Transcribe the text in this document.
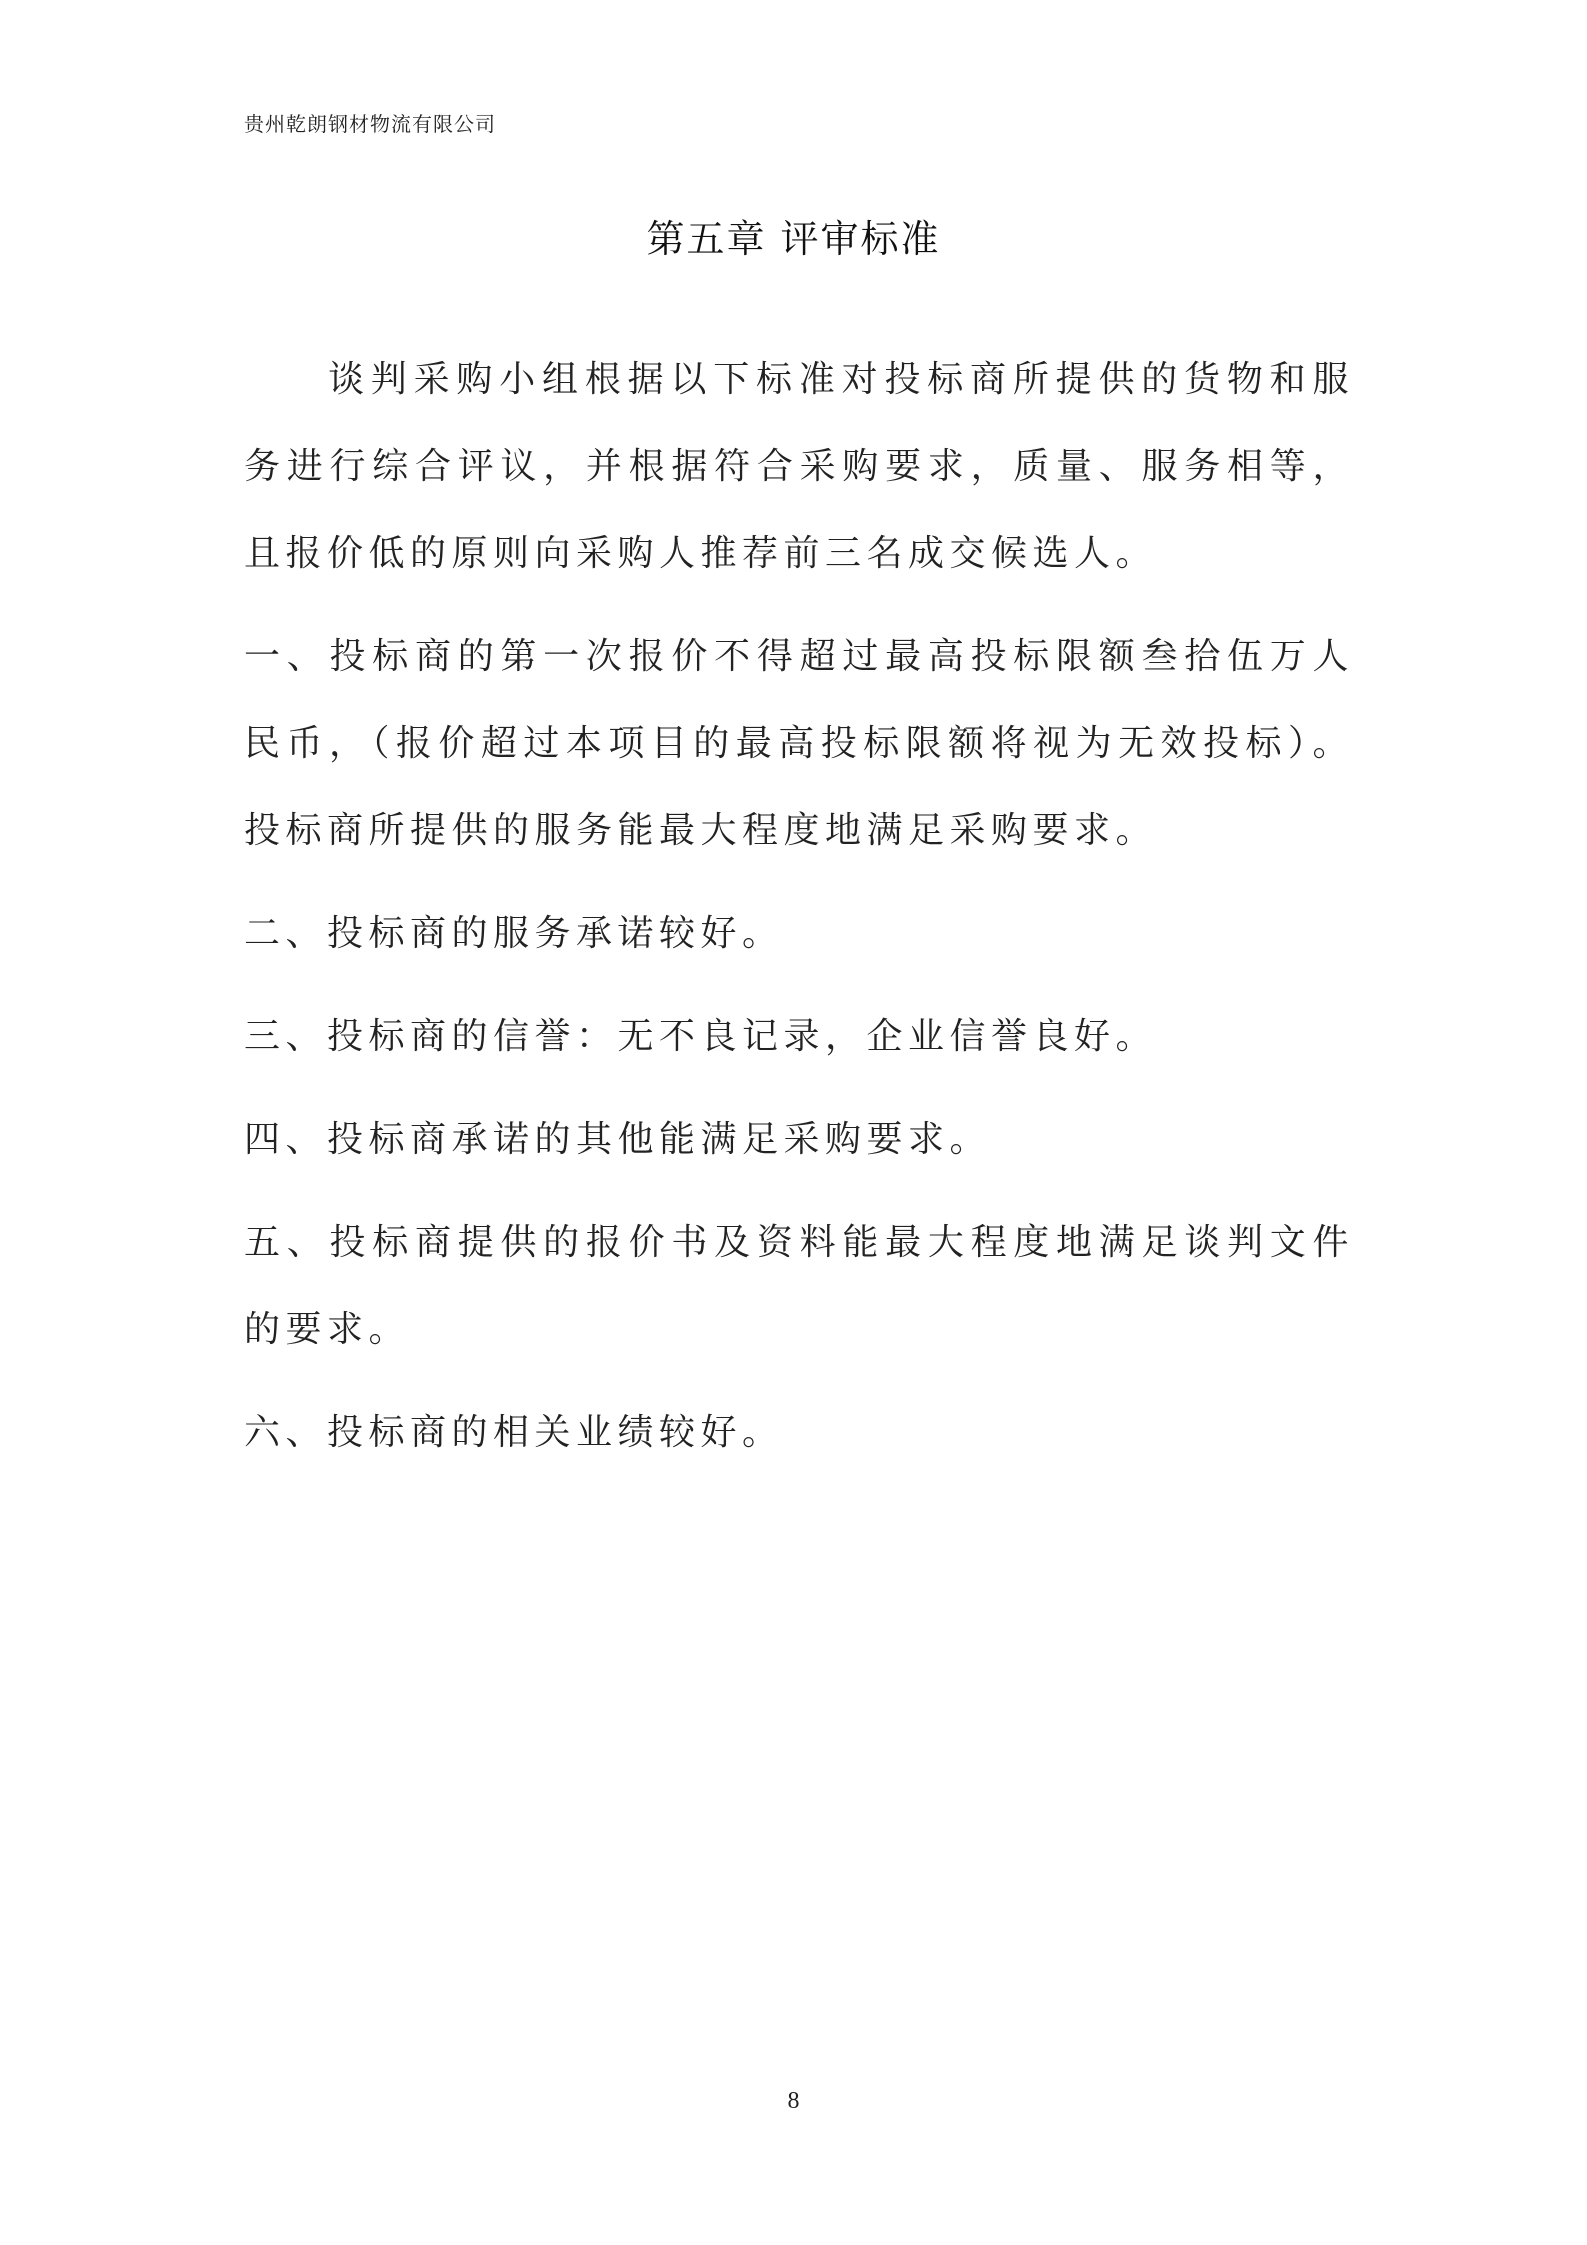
贵州乾朗钢材物流有限公司
第五章 评审标准

谈判采购小组根据以下标准对投标商所提供的货物和服务进行综合评议，并根据符合采购要求，质量、服务相等，且报价低的原则向采购人推荐前三名成交候选人。

一、投标商的第一次报价不得超过最高投标限额叁拾伍万人民币，（报价超过本项目的最高投标限额将视为无效投标）。投标商所提供的服务能最大程度地满足采购要求。

二、投标商的服务承诺较好。

三、投标商的信誉：无不良记录，企业信誉良好。

四、投标商承诺的其他能满足采购要求。

五、投标商提供的报价书及资料能最大程度地满足谈判文件的要求。

六、投标商的相关业绩较好。

8
